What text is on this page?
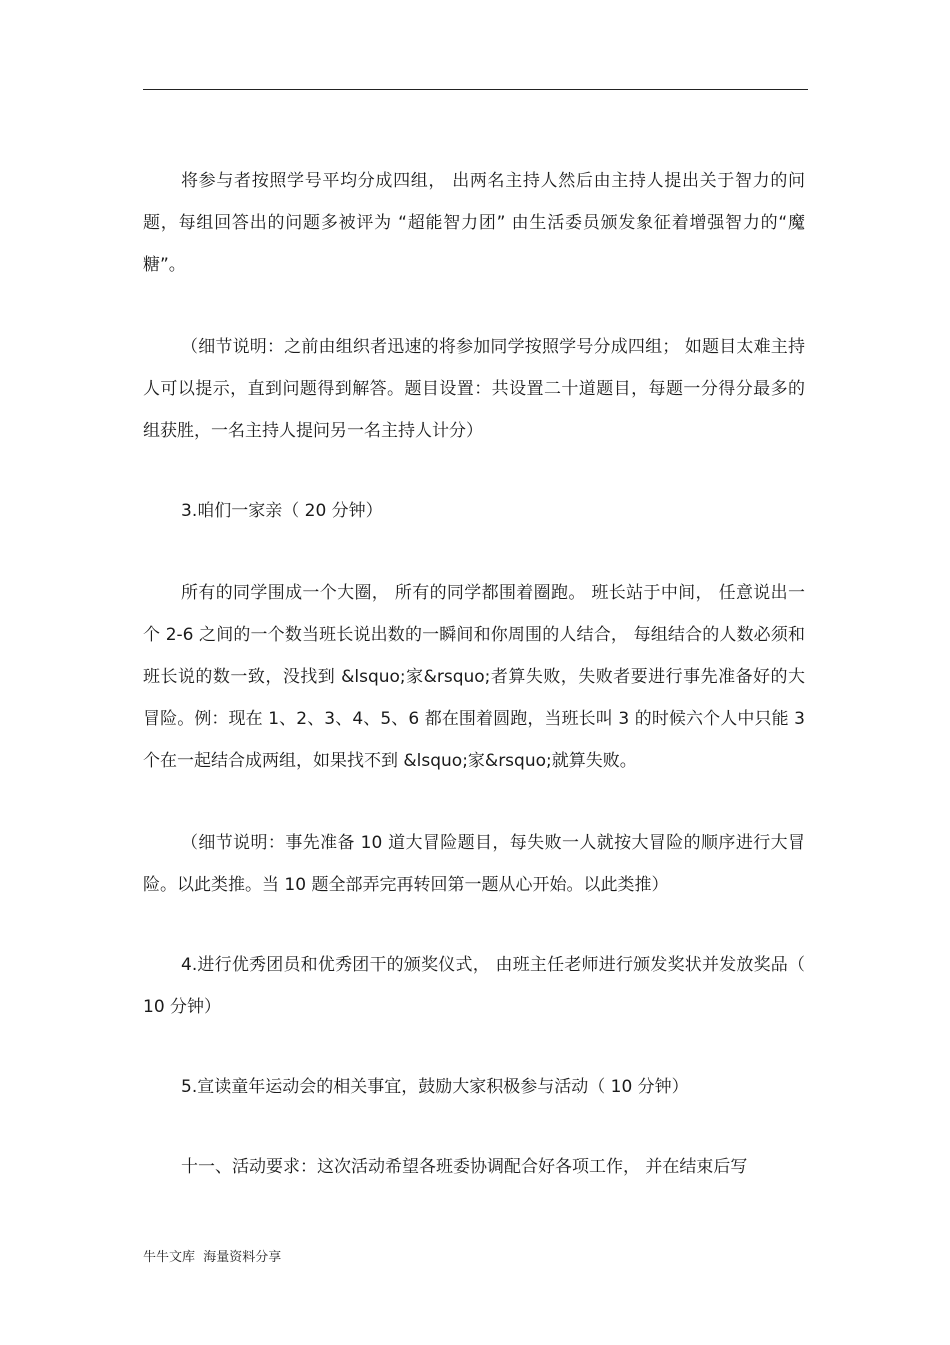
将参与者按照学号平均分成四组， 出两名主持人然后由主持人提出关于智力的问题，每组回答出的问题多被评为 “超能智力团” 由生活委员颁发象征着增强智力的“魔糖”。

（细节说明：之前由组织者迅速的将参加同学按照学号分成四组； 如题目太难主持人可以提示，直到问题得到解答。题目设置：共设置二十道题目，每题一分得分最多的组获胜，一名主持人提问另一名主持人计分）

3.咱们一家亲（ 20 分钟）

所有的同学围成一个大圈， 所有的同学都围着圈跑。 班长站于中间， 任意说出一个 2-6 之间的一个数当班长说出数的一瞬间和你周围的人结合， 每组结合的人数必须和班长说的数一致，没找到 &lsquo;家&rsquo;者算失败，失败者要进行事先准备好的大冒险。例：现在 1、2、3、4、5、6 都在围着圆跑，当班长叫 3 的时候六个人中只能 3 个在一起结合成两组，如果找不到 &lsquo;家&rsquo;就算失败。

（细节说明：事先准备 10 道大冒险题目，每失败一人就按大冒险的顺序进行大冒险。以此类推。当 10 题全部弄完再转回第一题从心开始。以此类推）

4.进行优秀团员和优秀团干的颁奖仪式， 由班主任老师进行颁发奖状并发放奖品（ 10 分钟）

5.宣读童年运动会的相关事宜，鼓励大家积极参与活动（ 10 分钟）

十一、活动要求：这次活动希望各班委协调配合好各项工作， 并在结束后写

牛牛文库  海量资料分享
